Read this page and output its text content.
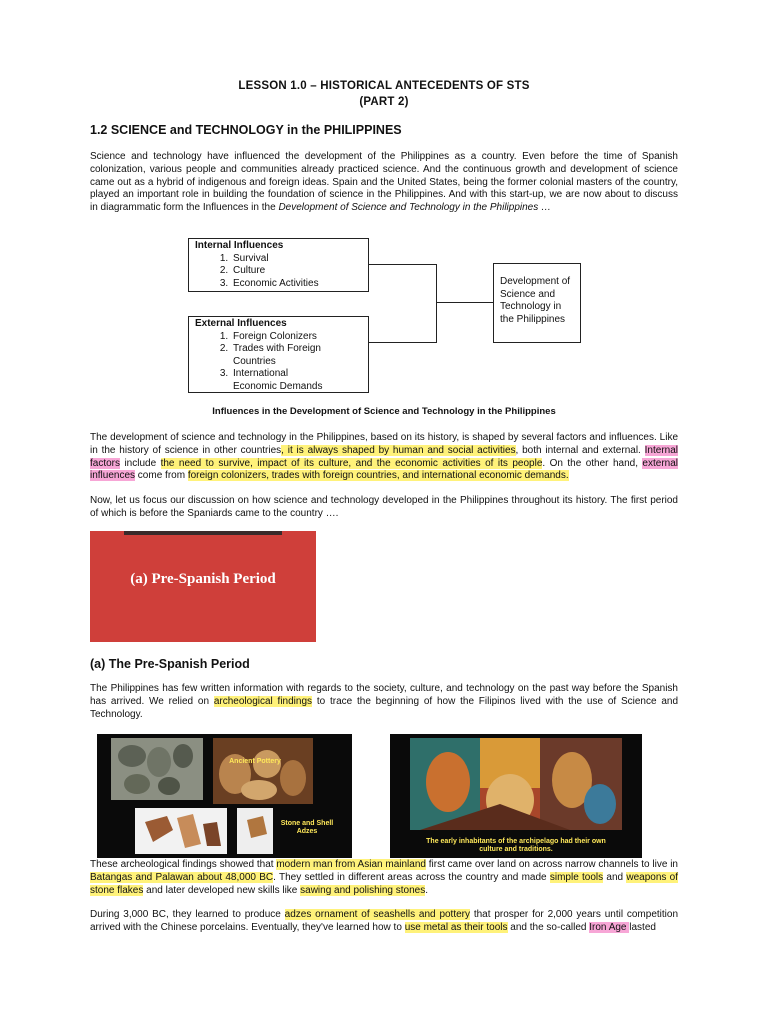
LESSON 1.0 – HISTORICAL ANTECEDENTS OF STS
(PART 2)
1.2 SCIENCE and TECHNOLOGY in the PHILIPPINES

Science and technology have influenced the development of the Philippines as a country. Even before the time of Spanish colonization, various people and communities already practiced science. And the continuous growth and development of science came out as a hybrid of indigenous and foreign ideas. Spain and the United States, being the former colonial masters of the country, played an important role in building the foundation of science in the Philippines. And with this start-up, we are now about to discuss in diagrammatic form the Influences in the Development of Science and Technology in the Philippines …

Internal Influences
1. Survival
2. Culture
3. Economic Activities
External Influences
1. Foreign Colonizers
2. Trades with Foreign Countries
3. International Economic Demands
Development of Science and Technology in the Philippines
Influences in the Development of Science and Technology in the Philippines

The development of science and technology in the Philippines, based on its history, is shaped by several factors and influences. Like in the history of science in other countries, it is always shaped by human and social activities, both internal and external. Internal factors include the need to survive, impact of its culture, and the economic activities of its people. On the other hand, external influences come from foreign colonizers, trades with foreign countries, and international economic demands.

Now, let us focus our discussion on how science and technology developed in the Philippines throughout its history. The first period of which is before the Spaniards came to the country ….

(a) Pre-Spanish Period
(a) The Pre-Spanish Period

The Philippines has few written information with regards to the society, culture, and technology on the past way before the Spanish has arrived. We relied on archeological findings to trace the beginning of how the Filipinos lived with the use of Science and Technology.

Ancient Pottery
Stone and Shell Adzes
The early inhabitants of the archipelago had their own culture and traditions.

These archeological findings showed that modern man from Asian mainland first came over land on across narrow channels to live in Batangas and Palawan about 48,000 BC. They settled in different areas across the country and made simple tools and weapons of stone flakes and later developed new skills like sawing and polishing stones.

During 3,000 BC, they learned to produce adzes ornament of seashells and pottery that prosper for 2,000 years until competition arrived with the Chinese porcelains. Eventually, they've learned how to use metal as their tools and the so-called Iron Age lasted
